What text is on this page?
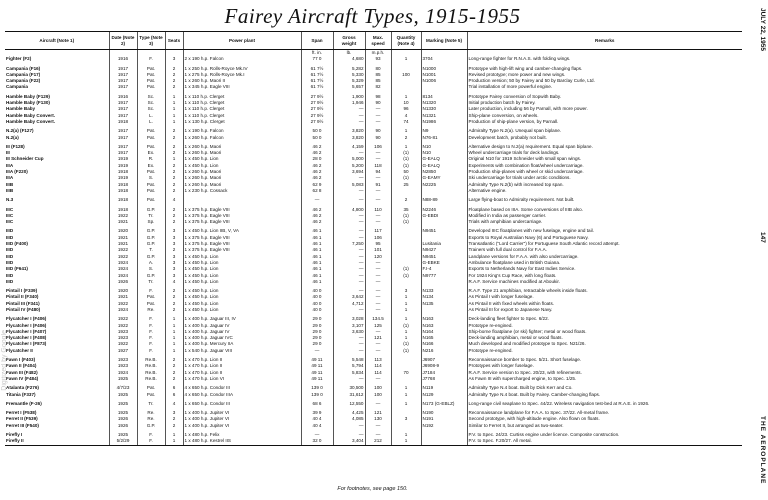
Fairey Aircraft Types, 1915-1955	JULY 22, 1955
147
THE AEROPLANE
Digitized by Google
Aircraft (Note 1)	Date (Note 2)	Type (Note 3)	Seats	Power plant	Span	Gross weight	Max. speed	Quantity (Note 4)	Marking (Note 5)	Remarks
					ft. in.	lb.	m.p.h.			
Fighter (F2)	1916	F.	3	2 x 190 h.p. Falcon	77 0	4,680	93	1	3704	Long-range fighter for R.N.A.S. with folding wings.

Campania (F16)	1917	Pat.	2	1 x 250 h.p. Rolls-Royce Mk.IV	61 7½	5,282	80		N1000	Prototype with high-lift wing and camber-changing flaps.
Campania (F17)	1917	Pat.	2	1 x 275 h.p. Rolls-Royce Mk.I	61 7½	5,330	85	100	N1001	Revised prototype; more power and new wings.
Campania (F22)	1917	Pat.	2	1 x 260 h.p. Maori II	61 7½	5,329	85		N1006	Production version; 50 by Fairey and 50 by Barclay Curle, Ltd.
Campania	1917	Pat.	2	1 x 345 h.p. Eagle VIII	61 7½	5,657	82			Trial installation of more powerful engine.

Hamble Baby (F129)	1916	Sc.	1	1 x 110 h.p. Clerget	27 9½	1,900	98	1	8134	Prototype Fairey conversion of Sopwith Baby.
Hamble Baby (F130)	1917	Sc.	1	1 x 110 h.p. Clerget	27 9½	1,946	90	10	N1320	Initial production batch by Fairey.
Hamble Baby	1917	Sc.	1	1 x 110 h.p. Clerget	27 9½	—	—	96	N1330	Later production, including 56 by Parnall, with more power.
Hamble Baby Convert.	1917	L.	1	1 x 110 h.p. Clerget	27 9½	—	—	4	N1321	Ship-plane conversion, on wheels.
Hamble Baby Convert.	1918	L.	1	1 x 130 h.p. Clerget	27 9½	—	—	74	N1986	Production of ship-plane version, by Parnall.

N.2(a) (F127)	1917	Pat.	2	1 x 190 h.p. Falcon	50 0	3,820	90	1	N9	Admiralty Type N.2(a). Unequal span biplane.
N.2(a)	1917	Pat.	2	1 x 260 h.p. Falcon	50 0	3,820	90	2	N76-81	Development batch, probably not built.

III (F128)	1917	Pat.	2	1 x 260 h.p. Maori	46 2	4,159	106	1	N10	Alternative design to N.2(a) requirement. Equal span biplane.
III	1917	Ex.	2	1 x 260 h.p. Maori	46 2	—	—	(1)	N10	Wheel undercarriage trials for deck landings.
III Schneider Cup	1919	R.	1	1 x 450 h.p. Lion	28 0	5,000	—	(1)	G-EALQ	Original N10 for 1919 Schneider with small span wings.
IIIA	1919	Ex.	2	1 x 450 h.p. Lion	46 2	5,200	118	(1)	G-EALQ	Experiments with combination float/wheel undercarriage.
IIIA (F220)	1918	Pat.	2	1 x 260 h.p. Maori	46 2	3,694	94	50	N2850	Production ship-planes with wheel or skid undercarriage.
IIIA	1919	S.	2	1 x 260 h.p. Maori	46 2	—	—	(1)	G-EAMY	Ski undercarriage for trials under arctic conditions.
IIIB	1918	Pat.	2	1 x 260 h.p. Maori	62 9	5,083	91	25	N2225	Admiralty Type N.2(b) with increased top span.
IIIB	1918	Pat.	2	1 x 230 h.p. Cossack	62 8	—	—			Alternative engine.

N.3	1918	Pat.	4		—	—	—	2	N88-89	Large flying-boat to Admiralty requirement. Not built.

IIIC	1918	G.P.	2	1 x 375 h.p. Eagle VIII	46 2	4,800	110	35	N2246	Floatplane based on IIIA. Some conversions of IIIB also.
IIIC	1922	Tr.	2	1 x 375 h.p. Eagle VIII	46 2	—	—	(1)	G-EBDI	Modified in India as passenger carrier.
IIIC	1921	Sp.	2	1 x 375 h.p. Eagle VIII	46 2	—	—	(1)		Trials with amphibian undercarriage.

IIID	1920	G.P.	3	1 x 450 h.p. Lion IIB, V, VA	46 1	—	117		N9451	Developed IIIC floatplanes with new fuselage, engine and tail.
IIID	1921	G.P.	3	1 x 375 h.p. Eagle VIII	46 1	—	106			Exports to Royal Australian Navy (6) and Portuguese Navy.
IIID (F400)	1921	G.P.	3	1 x 375 h.p. Eagle VIII	46 1	7,250	95		Lusitania	Transatlantic ("Lord Carrier") for Portuguese South Atlantic record attempt.
IIID	1922	T.	2	1 x 375 h.p. Eagle VIII	46 1	—	101		N9427	Trainers with full dual control for F.A.A.
IIID	1922	G.P.	3	1 x 450 h.p. Lion	46 1	—	120		N9451	Landplane versions for F.A.A. with also undercarriage.
IIID	1924	A.	3	1 x 450 h.p. Lion	46 1	—	—		G-EBKE	Ambulance floatplane used in British Guiana.
IIID (F641)	1924	S.	3	1 x 450 h.p. Lion	46 1	—	—	(1)	F.I-4	Exports to Netherlands Navy for East Indies Service.
IIID	1924	G.P.	3	1 x 450 h.p. Lion	46 1	—	—	(1)	N9777	For 1924 King's Cup Race, with long floats.
IIID	1926	Tr.	4	1 x 450 h.p. Lion	46 1	—	—			R.A.F. Service machines modified at Aboukir.

Pintail I (F339)	1920	F.	2	1 x 450 h.p. Lion	40 0	—	—	3	N133	R.A.F. Type 21 amphibian, retractable wheels inside floats.
Pintail II (F340)	1921	Pat.	2	1 x 450 h.p. Lion	40 0	3,642	—	1	N134	As Pintail I with longer fuselage.
Pintail III (F341)	1922	Pat.	2	1 x 450 h.p. Lion	40 0	4,712	—	1	N135	As Pintail II with fixed wheels within floats.
Pintail IV (F480)	1924	Re.	2	1 x 450 h.p. Lion	40 0	—	—	1		As Pintail III for export to Japanese Navy.

Flycatcher I (F406)	1922	F.	1	1 x 400 h.p. Jaguar III, IV	29 0	3,028	134.5	1	N163	Deck-landing fleet fighter to Spec. 6/22.
Flycatcher I (F406)	1922	F.	1	1 x 400 h.p. Jaguar IV	29 0	3,107	125	(1)	N163	Prototype re-engined.
Flycatcher I (F407)	1923	F.	1	1 x 400 h.p. Jaguar IV	29 0	3,630	—	1	N164	Ship-borne floatplane (or ski) fighter; metal or wood floats.
Flycatcher I (F408)	1923	F.	1	1 x 400 h.p. Jaguar IVC	29 0	—	121	1	N165	Deck-landing amphibian, metal or wood floats.
Flycatcher I (F873)	1922	F.	1	1 x 400 h.p. Mercury IIA	29 0	—	—	(1)	N166	Much developed and modified prototype to Spec. N21/26.
Flycatcher II	1927	F.	1	1 x 540 h.p. Jaguar VIII	—	—	—	(1)	N216	Prototype re-engined.

Fawn I (F403)	1923	Re.B.	2	1 x 470 h.p. Lion II	49 11	5,548	113		J6907	Reconnaissance bomber to Spec. 5/21. Short fuselage.
Fawn II (F404)	1923	Re.B.	2	1 x 470 h.p. Lion II	49 11	5,794	114		J6908-9	Prototypes with longer fuselage.
Fawn III (F482)	1924	Re.B.	2	1 x 470 h.p. Lion II	49 11	5,834	114	70	J7184	R.A.F. Service version to Spec. 20/23, with refinements.
Fawn IV (F484)	1925	Re.B.	2	1 x 470 h.p. Lion VI	49 11	—	—		J7768	As Fawn III with supercharged engine, to Spec. 1/25.

Atalanta (F276)	4/7/23	Pat.	6	4 x 650 h.p. Condor III	139 0	30,500	100	1	N119	Admiralty Type N.4 boat. Built by Dick Kerr and Co.
Titania (F337)	1925	Pat.	6	4 x 650 h.p. Condor IIIA	139 0	31,612	100	1	N129	Admiralty Type N.4 boat. Built by Fairey. Camber-changing flaps.

Fremantle (F-26)	1925	Tr.	4	1 x 650 h.p. Condor III	68 6	12,550	—	1	N173 (G-EBLZ)	Long-range civil seaplane to Spec. 44/22. Wireless navigation test-bed at R.A.E. in 1926.

Ferret I (F538)	1925	Re.	3	1 x 400 h.p. Jupiter VI	39 9	4,425	121		N190	Reconnaissance landplane for F.A.A. to Spec. 37/22. All-metal frame.
Ferret II (F539)	1926	Re.	2	1 x 400 h.p. Jupiter VI	40 4	4,085	130	3	N191	Second prototype, with high-altitude engine. Also flown on floats.
Ferret III (F540)	1926	G.P.	2	1 x 400 h.p. Jupiter VI	40 4	—	—		N192	Similar to Ferret II, but arranged as two-seater.

Firefly I	1925	F.	1	1 x 480 h.p. Felix	—	—	—	1		P.V. to Spec. 24/23. Curtiss engine under licence. Composite construction.
Firefly II	5/2/29	F.	1	1 x 480 h.p. Kestrel IIS	32 0	3,404	212	1		P.V. to Spec. F.20/27. All metal.
For footnotes, see page 150.
